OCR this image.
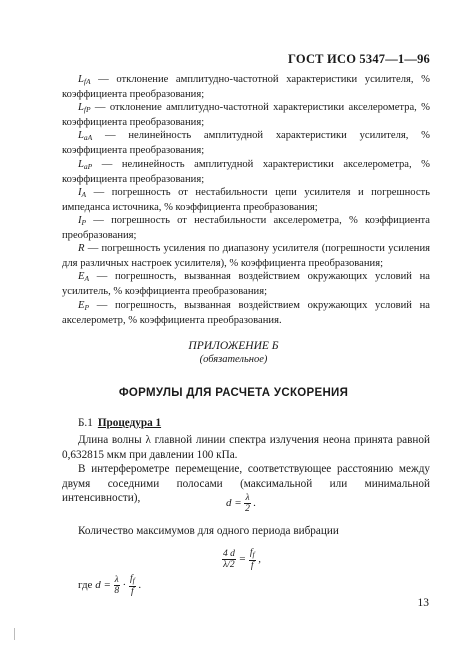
ГОСТ ИСО 5347—1—96

$L_{fA}$ — отклонение амплитудно-частотной характеристики усилителя, % коэффициента преобразования;

$L_{fP}$ — отклонение амплитудно-частотной характеристики акселерометра, % коэффициента преобразования;

$L_{aA}$ — нелинейность амплитудной характеристики усилителя, % коэффициента преобразования;

$L_{aP}$ — нелинейность амплитудной характеристики акселерометра, % коэффициента преобразования;

$I_A$ — погрешность от нестабильности цепи усилителя и погрешность импеданса источника, % коэффициента преобразования;

$I_P$ — погрешность от нестабильности акселерометра, % коэффициента преобразования;

R — погрешность усиления по диапазону усилителя (погрешности усиления для различных настроек усилителя), % коэффициента преобразования;

$E_A$ — погрешность, вызванная воздействием окружающих условий на усилитель, % коэффициента преобразования;

$E_P$ — погрешность, вызванная воздействием окружающих условий на акселерометр, % коэффициента преобразования.

ПРИЛОЖЕНИЕ Б
(обязательное)
ФОРМУЛЫ ДЛЯ РАСЧЕТА УСКОРЕНИЯ
Б.1 Процедура 1

Длина волны λ главной линии спектра излучения неона принята равной 0,632815 мкм при давлении 100 кПа.

В интерферометре перемещение, соответствующее расстоянию между двумя соседними полосами (максимальной или минимальной интенсивности),	$d = \frac{\lambda}{2}$ .
Количество максимумов для одного периода вибрации
$\frac{4 d}{\lambda/2} = \frac{f_f}{f}$ ,
где $d = \frac{\lambda}{8} \cdot \frac{f_f}{f}$ .
13
